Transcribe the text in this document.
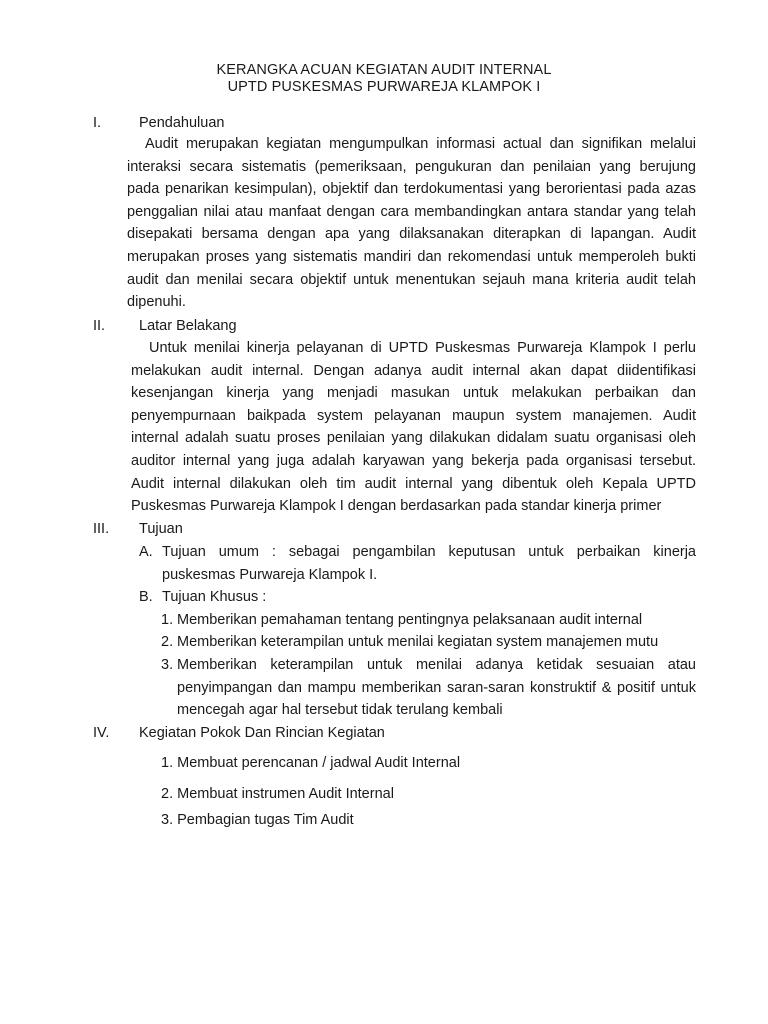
KERANGKA ACUAN KEGIATAN AUDIT INTERNAL
UPTD PUSKESMAS PURWAREJA KLAMPOK I
I.	Pendahuluan

Audit merupakan kegiatan mengumpulkan informasi actual dan signifikan melalui interaksi secara sistematis (pemeriksaan, pengukuran dan penilaian yang berujung pada penarikan kesimpulan), objektif dan terdokumentasi yang berorientasi pada azas penggalian nilai atau manfaat dengan cara membandingkan antara standar yang telah disepakati bersama dengan apa yang dilaksanakan diterapkan di lapangan. Audit merupakan proses yang sistematis mandiri dan rekomendasi untuk memperoleh bukti audit dan menilai secara objektif untuk menentukan sejauh mana kriteria audit telah dipenuhi.

II. Latar Belakang

Untuk menilai kinerja pelayanan di UPTD Puskesmas Purwareja Klampok I perlu melakukan audit internal. Dengan adanya audit internal akan dapat diidentifikasi kesenjangan kinerja yang menjadi masukan untuk melakukan perbaikan dan penyempurnaan baikpada system pelayanan maupun system manajemen. Audit internal adalah suatu proses penilaian yang dilakukan didalam suatu organisasi oleh auditor internal yang juga adalah karyawan yang bekerja pada organisasi tersebut. Audit internal dilakukan oleh tim audit internal yang dibentuk oleh Kepala UPTD Puskesmas Purwareja Klampok I dengan berdasarkan pada standar kinerja primer

III. Tujuan
A. Tujuan umum : sebagai pengambilan keputusan untuk perbaikan kinerja puskesmas Purwareja Klampok I.
B. Tujuan Khusus :
1. Memberikan pemahaman tentang pentingnya pelaksanaan audit internal
2. Memberikan keterampilan untuk menilai kegiatan system manajemen mutu
3. Memberikan keterampilan untuk menilai adanya ketidak sesuaian atau penyimpangan dan mampu memberikan saran-saran konstruktif & positif untuk mencegah agar hal tersebut tidak terulang kembali
IV. Kegiatan Pokok Dan Rincian Kegiatan
1. Membuat perencanan / jadwal Audit Internal
2. Membuat instrumen Audit Internal
3. Pembagian tugas Tim Audit
